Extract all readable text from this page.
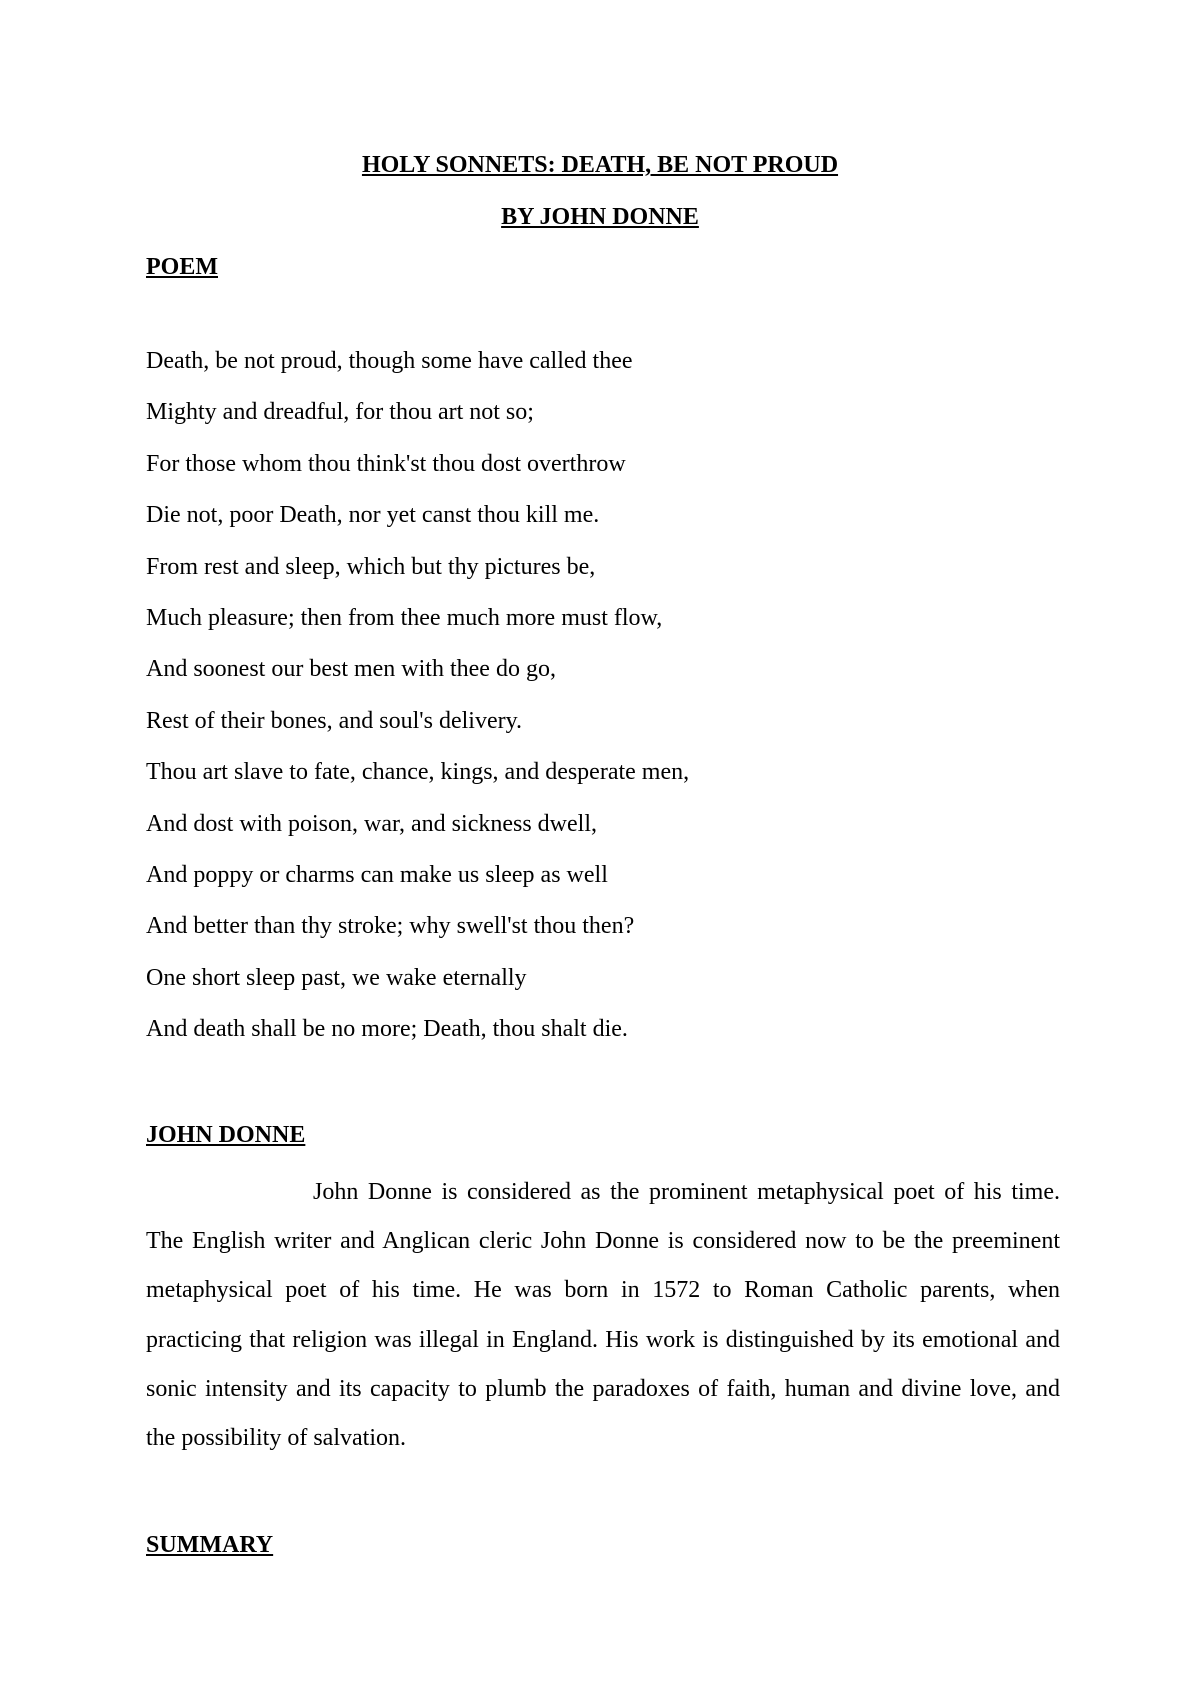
HOLY SONNETS: DEATH, BE NOT PROUD
BY JOHN DONNE
POEM
Death, be not proud, though some have called thee
Mighty and dreadful, for thou art not so;
For those whom thou think'st thou dost overthrow
Die not, poor Death, nor yet canst thou kill me.
From rest and sleep, which but thy pictures be,
Much pleasure; then from thee much more must flow,
And soonest our best men with thee do go,
Rest of their bones, and soul's delivery.
Thou art slave to fate, chance, kings, and desperate men,
And dost with poison, war, and sickness dwell,
And poppy or charms can make us sleep as well
And better than thy stroke; why swell'st thou then?
One short sleep past, we wake eternally
And death shall be no more; Death, thou shalt die.
JOHN DONNE

John Donne is considered as the prominent metaphysical poet of his time. The English writer and Anglican cleric John Donne is considered now to be the preeminent metaphysical poet of his time. He was born in 1572 to Roman Catholic parents, when practicing that religion was illegal in England. His work is distinguished by its emotional and sonic intensity and its capacity to plumb the paradoxes of faith, human and divine love, and the possibility of salvation.

SUMMARY
